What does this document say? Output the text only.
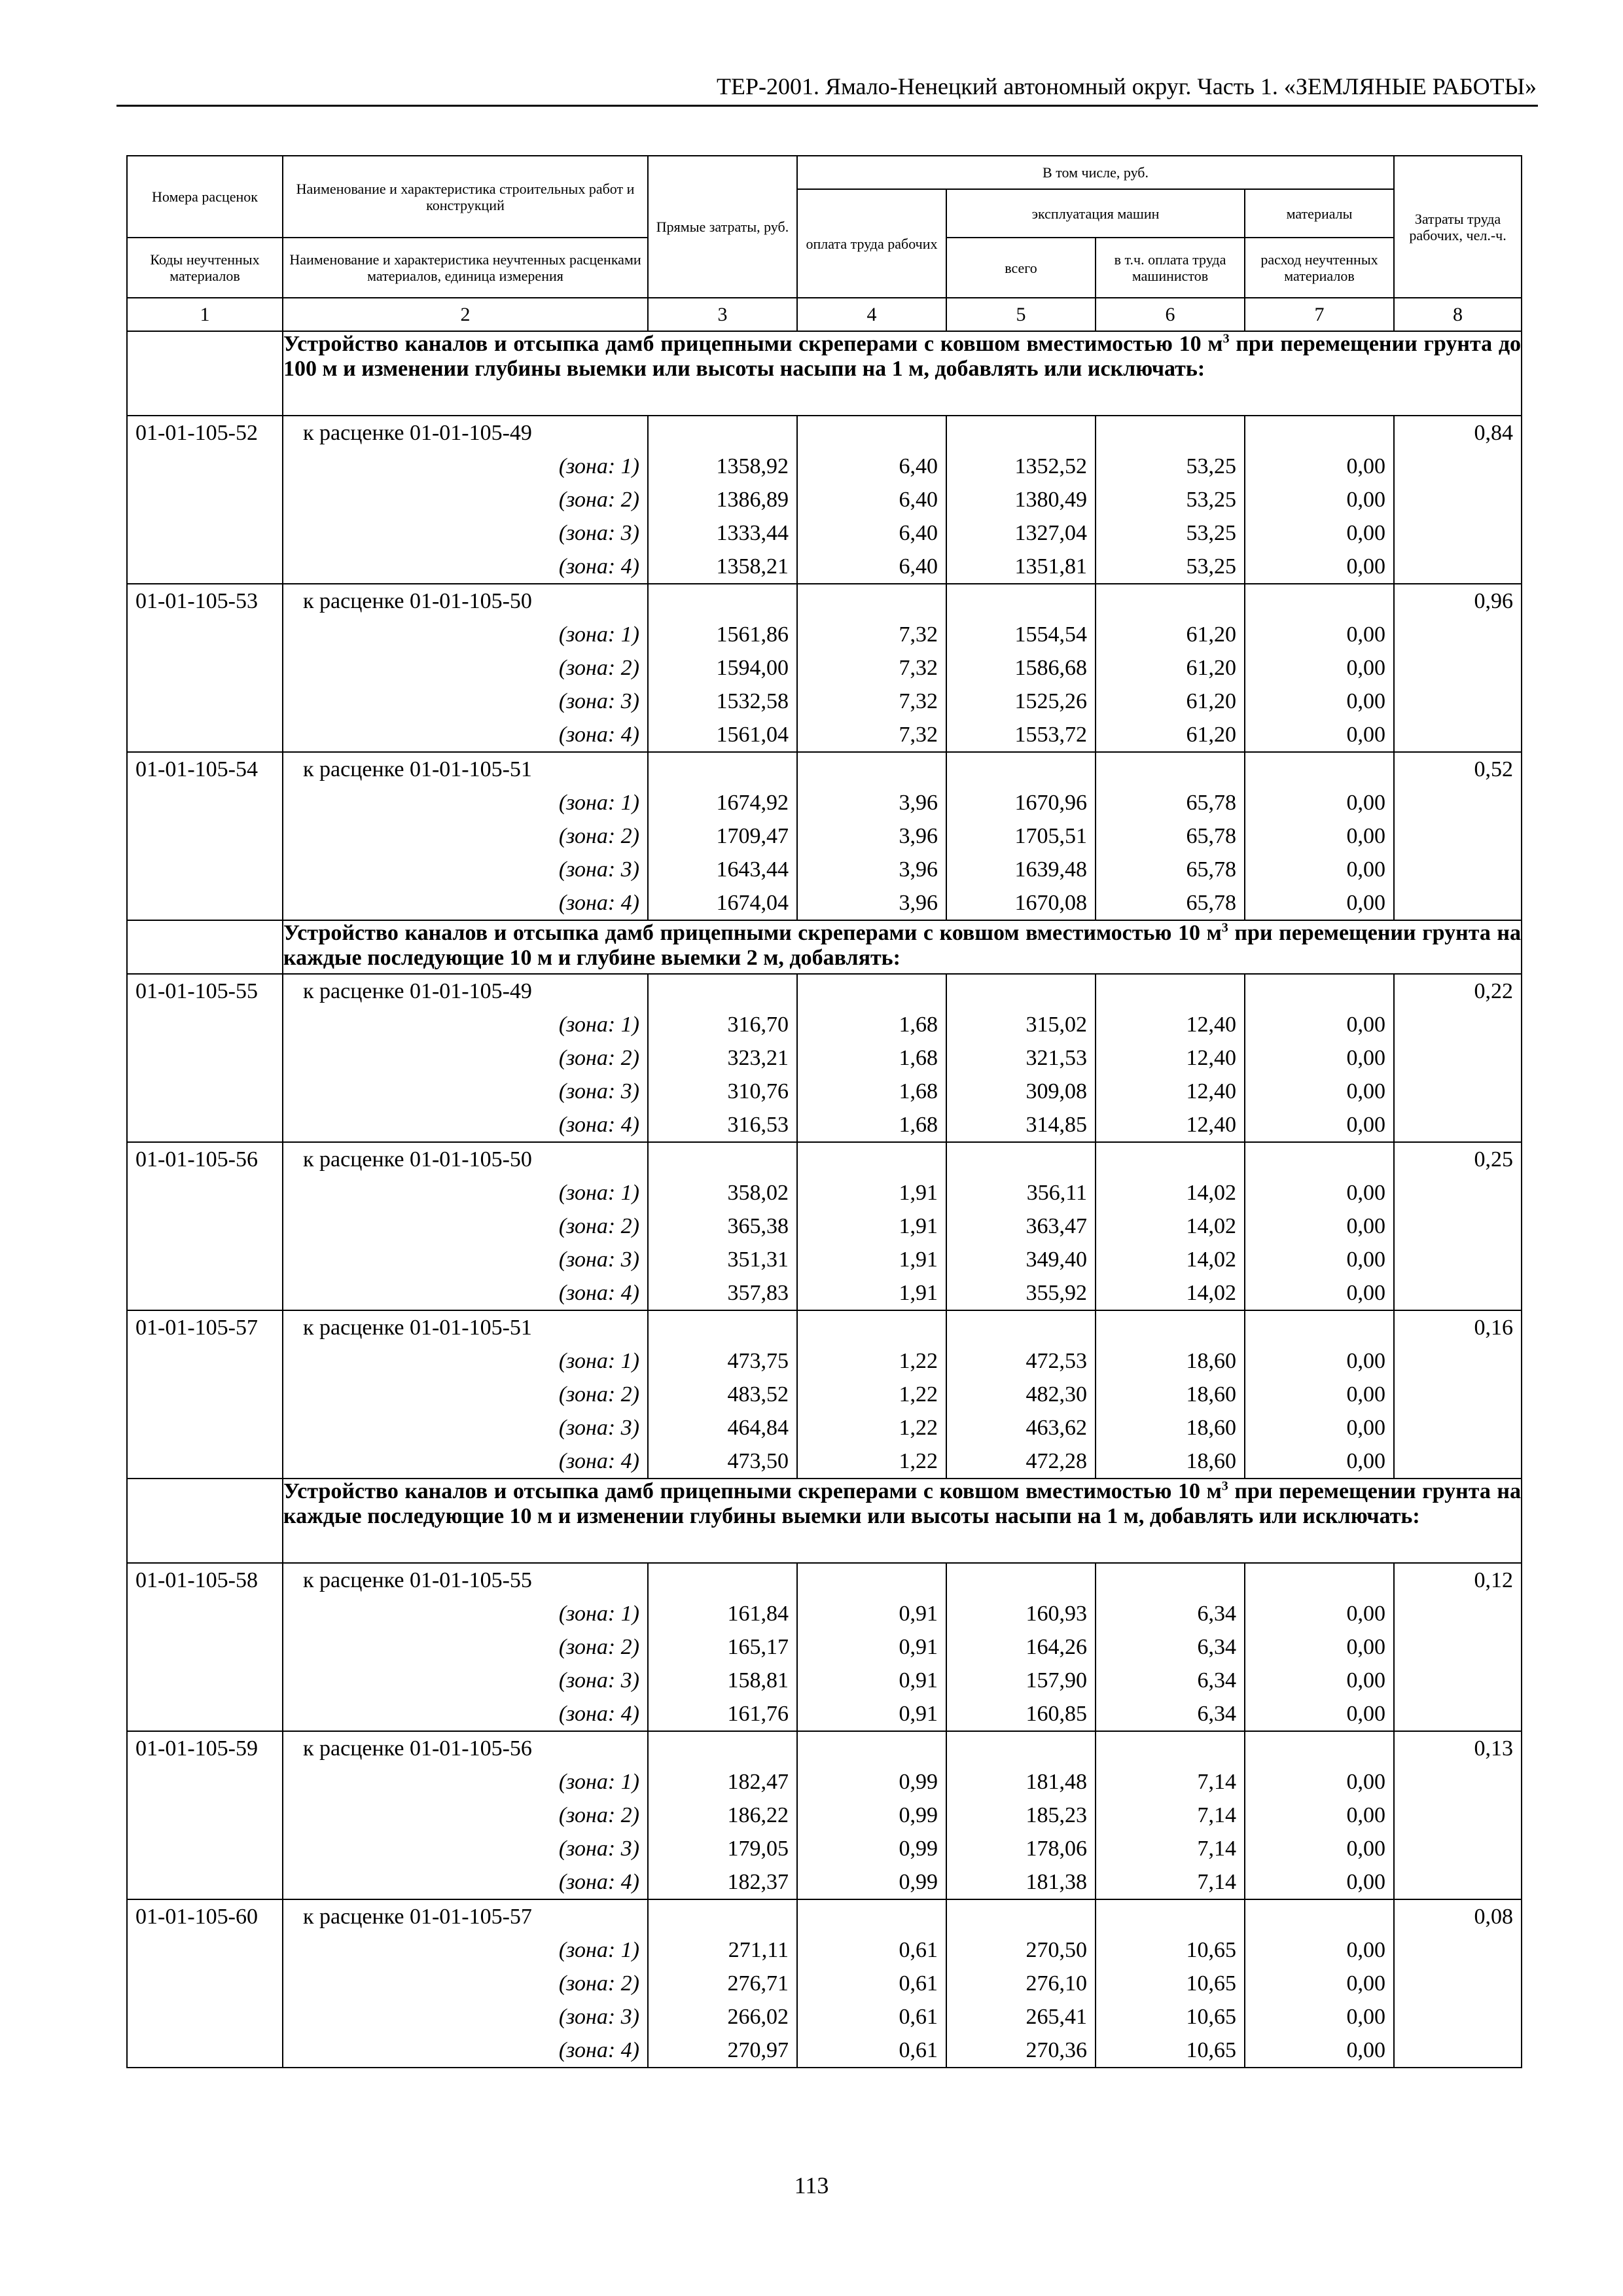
ТЕР-2001. Ямало-Ненецкий автономный округ. Часть 1. «ЗЕМЛЯНЫЕ РАБОТЫ»
Номера расценок	Наименование и характеристика строительных работ и конструкций	Прямые затраты, руб.	В том числе, руб.				Затраты труда рабочих, чел.-ч.
			оплата труда рабочих	эксплуатация машин		материалы	
Коды неучтенных материалов	Наименование и характеристика неучтенных расценками материалов, единица измерения			всего	в т.ч. оплата труда машинистов	расход неучтенных материалов	
1	2	3	4	5	6	7	8
	Устройство каналов и отсыпка дамб прицепными скреперами с ковшом вместимостью 10 $м^3$ при перемещении грунта до 100 м и изменении глубины выемки или высоты насыпи на 1 м, добавлять или исключать:						
01-01-105-52	к расценке 01-01-105-49						0,84
	(зона: 1)	1358,92	6,40	1352,52	53,25	0,00	
	(зона: 2)	1386,89	6,40	1380,49	53,25	0,00	
	(зона: 3)	1333,44	6,40	1327,04	53,25	0,00	
	(зона: 4)	1358,21	6,40	1351,81	53,25	0,00	
01-01-105-53	к расценке 01-01-105-50						0,96
	(зона: 1)	1561,86	7,32	1554,54	61,20	0,00	
	(зона: 2)	1594,00	7,32	1586,68	61,20	0,00	
	(зона: 3)	1532,58	7,32	1525,26	61,20	0,00	
	(зона: 4)	1561,04	7,32	1553,72	61,20	0,00	
01-01-105-54	к расценке 01-01-105-51						0,52
	(зона: 1)	1674,92	3,96	1670,96	65,78	0,00	
	(зона: 2)	1709,47	3,96	1705,51	65,78	0,00	
	(зона: 3)	1643,44	3,96	1639,48	65,78	0,00	
	(зона: 4)	1674,04	3,96	1670,08	65,78	0,00	
	Устройство каналов и отсыпка дамб прицепными скреперами с ковшом вместимостью 10 $м^3$ при перемещении грунта на каждые последующие 10 м и глубине выемки 2 м, добавлять:						
01-01-105-55	к расценке 01-01-105-49						0,22
	(зона: 1)	316,70	1,68	315,02	12,40	0,00	
	(зона: 2)	323,21	1,68	321,53	12,40	0,00	
	(зона: 3)	310,76	1,68	309,08	12,40	0,00	
	(зона: 4)	316,53	1,68	314,85	12,40	0,00	
01-01-105-56	к расценке 01-01-105-50						0,25
	(зона: 1)	358,02	1,91	356,11	14,02	0,00	
	(зона: 2)	365,38	1,91	363,47	14,02	0,00	
	(зона: 3)	351,31	1,91	349,40	14,02	0,00	
	(зона: 4)	357,83	1,91	355,92	14,02	0,00	
01-01-105-57	к расценке 01-01-105-51						0,16
	(зона: 1)	473,75	1,22	472,53	18,60	0,00	
	(зона: 2)	483,52	1,22	482,30	18,60	0,00	
	(зона: 3)	464,84	1,22	463,62	18,60	0,00	
	(зона: 4)	473,50	1,22	472,28	18,60	0,00	
	Устройство каналов и отсыпка дамб прицепными скреперами с ковшом вместимостью 10 $м^3$ при перемещении грунта на каждые последующие 10 м и изменении глубины выемки или высоты насыпи на 1 м, добавлять или исключать:						
01-01-105-58	к расценке 01-01-105-55						0,12
	(зона: 1)	161,84	0,91	160,93	6,34	0,00	
	(зона: 2)	165,17	0,91	164,26	6,34	0,00	
	(зона: 3)	158,81	0,91	157,90	6,34	0,00	
	(зона: 4)	161,76	0,91	160,85	6,34	0,00	
01-01-105-59	к расценке 01-01-105-56						0,13
	(зона: 1)	182,47	0,99	181,48	7,14	0,00	
	(зона: 2)	186,22	0,99	185,23	7,14	0,00	
	(зона: 3)	179,05	0,99	178,06	7,14	0,00	
	(зона: 4)	182,37	0,99	181,38	7,14	0,00	
01-01-105-60	к расценке 01-01-105-57						0,08
	(зона: 1)	271,11	0,61	270,50	10,65	0,00	
	(зона: 2)	276,71	0,61	276,10	10,65	0,00	
	(зона: 3)	266,02	0,61	265,41	10,65	0,00	
	(зона: 4)	270,97	0,61	270,36	10,65	0,00	
113
